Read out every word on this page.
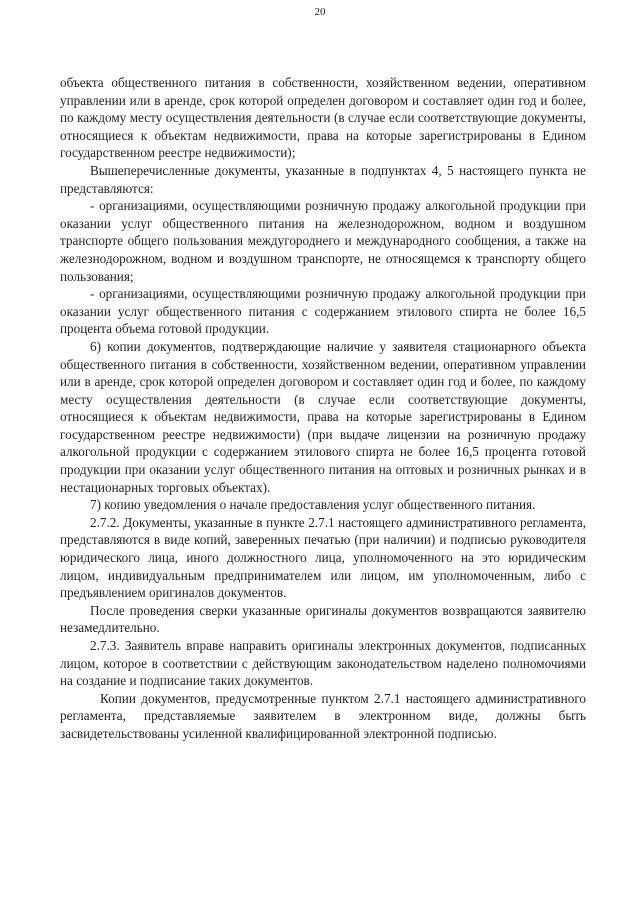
20

объекта общественного питания в собственности, хозяйственном ведении, оперативном управлении или в аренде, срок которой определен договором и составляет один год и более, по каждому месту осуществления деятельности (в случае если соответствующие документы, относящиеся к объектам недвижимости, права на которые зарегистрированы в Едином государственном реестре недвижимости);

Вышеперечисленные документы, указанные в подпунктах 4, 5 настоящего пункта не представляются:

- организациями, осуществляющими розничную продажу алкогольной продукции при оказании услуг общественного питания на железнодорожном, водном и воздушном транспорте общего пользования междугороднего и международного сообщения, а также на железнодорожном, водном и воздушном транспорте, не относящемся к транспорту общего пользования;

- организациями, осуществляющими розничную продажу алкогольной продукции при оказании услуг общественного питания с содержанием этилового спирта не более 16,5 процента объема готовой продукции.

6) копии документов, подтверждающие наличие у заявителя стационарного объекта общественного питания в собственности, хозяйственном ведении, оперативном управлении или в аренде, срок которой определен договором и составляет один год и более, по каждому месту осуществления деятельности (в случае если соответствующие документы, относящиеся к объектам недвижимости, права на которые зарегистрированы в Едином государственном реестре недвижимости) (при выдаче лицензии на розничную продажу алкогольной продукции с содержанием этилового спирта не более 16,5 процента готовой продукции при оказании услуг общественного питания на оптовых и розничных рынках и в нестационарных торговых объектах).

7) копию уведомления о начале предоставления услуг общественного питания.

2.7.2. Документы, указанные в пункте 2.7.1 настоящего административного регламента, представляются в виде копий, заверенных печатью (при наличии) и подписью руководителя юридического лица, иного должностного лица, уполномоченного на это юридическим лицом, индивидуальным предпринимателем или лицом, им уполномоченным, либо с предъявлением оригиналов документов.

После проведения сверки указанные оригиналы документов возвращаются заявителю незамедлительно.

2.7.3. Заявитель вправе направить оригиналы электронных документов, подписанных лицом, которое в соответствии с действующим законодательством наделено полномочиями на создание и подписание таких документов.

Копии документов, предусмотренные пунктом 2.7.1 настоящего административного регламента, представляемые заявителем в электронном виде, должны быть засвидетельствованы усиленной квалифицированной электронной подписью.
